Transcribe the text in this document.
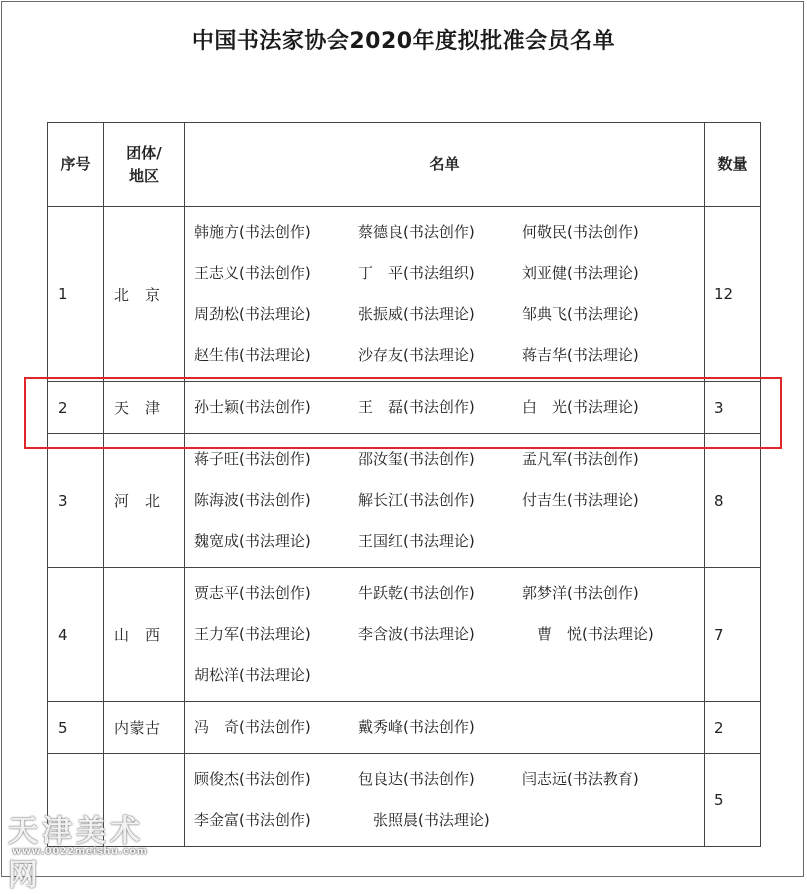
中国书法家协会2020年度拟批准会员名单
序号	团体/
地区	名单	数量
1	北　京	韩施方(书法创作) 蔡德良(书法创作) 何敬民(书法创作)
王志义(书法创作) 丁　平(书法组织) 刘亚健(书法理论)
周劲松(书法理论) 张振威(书法理论) 邹典飞(书法理论)
赵生伟(书法理论) 沙存友(书法理论) 蒋吉华(书法理论)	12
2	天　津	孙士颖(书法创作) 王　磊(书法创作) 白　光(书法理论)	3
3	河　北	蒋子旺(书法创作) 邵汝玺(书法创作) 孟凡军(书法创作)
陈海波(书法创作) 解长江(书法创作) 付吉生(书法理论)
魏宽成(书法理论) 王国红(书法理论)	8
4	山　西	贾志平(书法创作) 牛跃乾(书法创作) 郭梦洋(书法创作)
王力军(书法理论) 李含波(书法理论) 　曹　悦(书法理论)
胡松洋(书法理论)	7
5	内蒙古	冯　奇(书法创作) 戴秀峰(书法创作)	2

		顾俊杰(书法创作) 包良达(书法创作) 闫志远(书法教育)
李金富(书法创作) 　张照晨(书法理论)	5
天津美术网
www.0022meishu.com
